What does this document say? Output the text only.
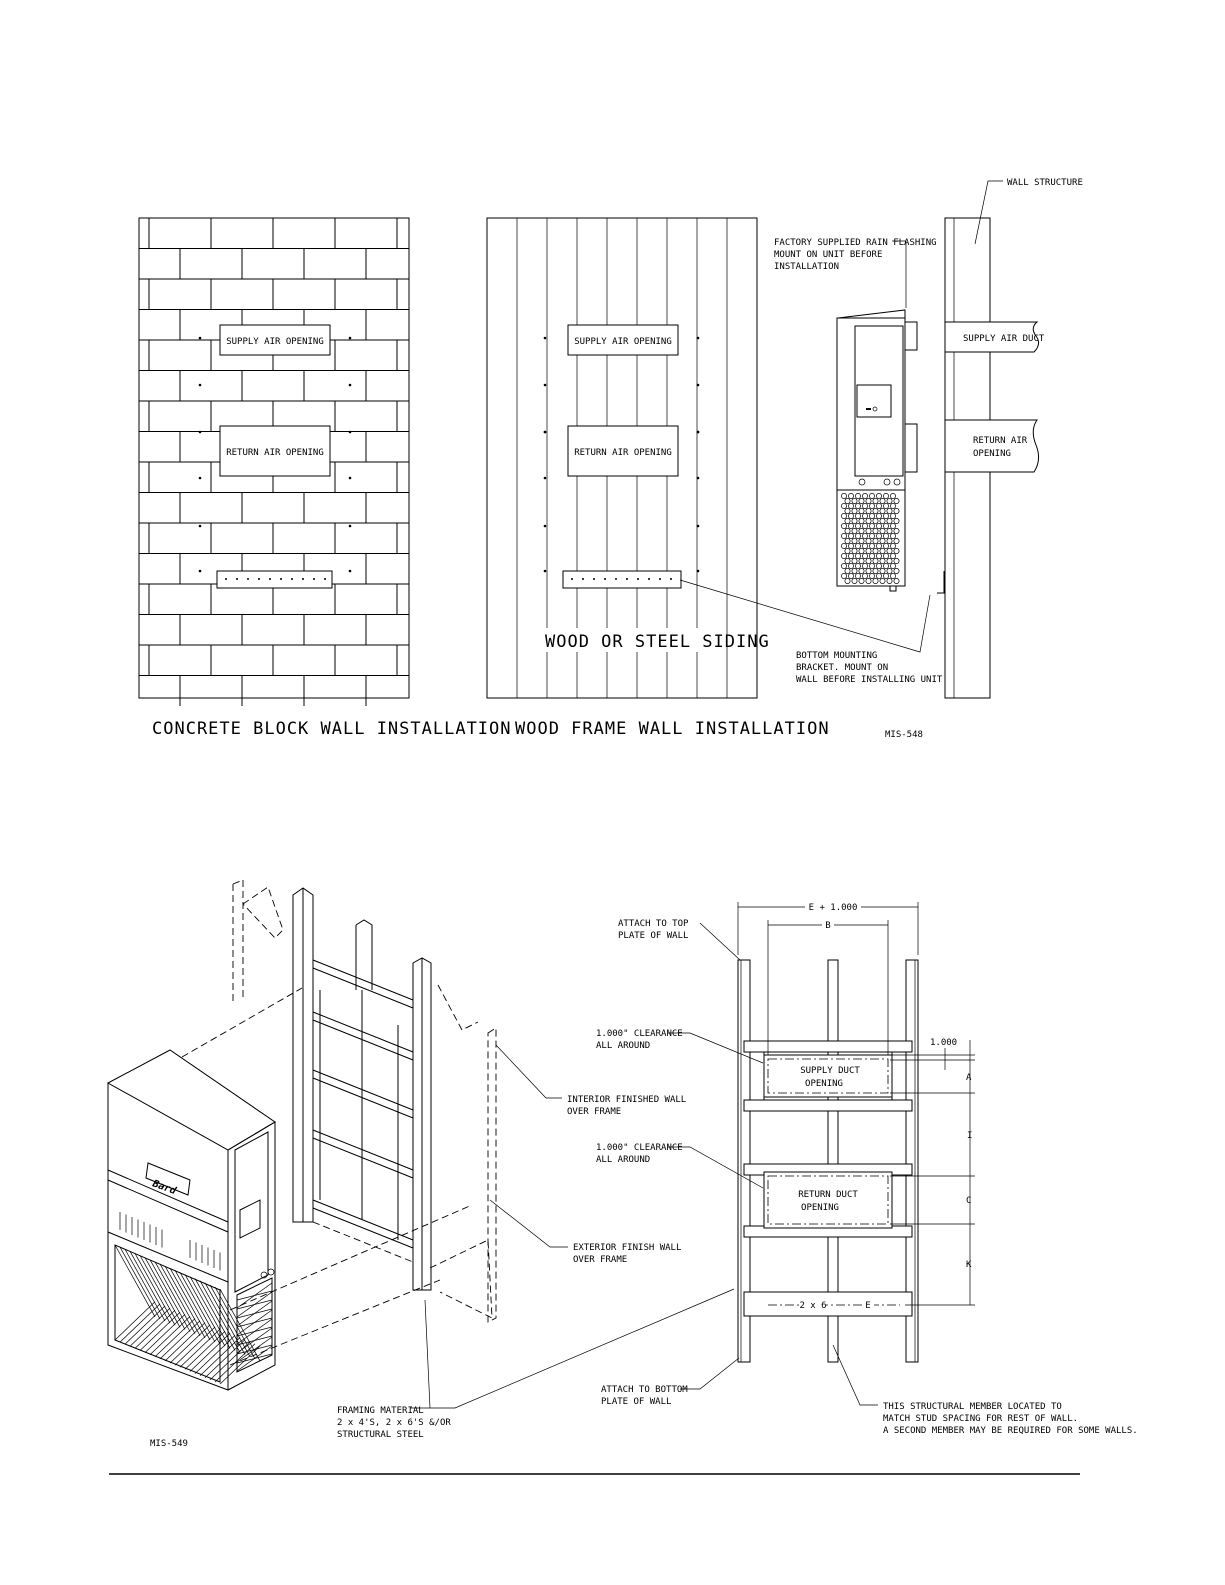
SUPPLY AIR OPENING
RETURN AIR OPENING
CONCRETE BLOCK WALL INSTALLATION
SUPPLY AIR OPENING
RETURN AIR OPENING
WOOD OR STEEL SIDING
WOOD FRAME WALL INSTALLATION
SUPPLY AIR DUCT
RETURN AIR
OPENING
WALL STRUCTURE
FACTORY SUPPLIED RAIN FLASHING
MOUNT ON UNIT BEFORE
INSTALLATION
BOTTOM MOUNTING
BRACKET. MOUNT ON
WALL BEFORE INSTALLING UNIT
MIS-548
Bard
INTERIOR FINISHED WALL
OVER FRAME
EXTERIOR FINISH WALL
OVER FRAME
FRAMING MATERIAL
2 x 4'S, 2 x 6'S &/OR
STRUCTURAL STEEL
MIS-549
SUPPLY DUCT
OPENING
RETURN DUCT
OPENING
2 x 6	E
E + 1.000
B
1.000
A
I
C
K
ATTACH TO TOP
PLATE OF WALL
1.000" CLEARANCE
ALL AROUND
1.000" CLEARANCE
ALL AROUND
ATTACH TO BOTTOM
PLATE OF WALL	THIS STRUCTURAL MEMBER LOCATED TO
MATCH STUD SPACING FOR REST OF WALL.
A SECOND MEMBER MAY BE REQUIRED FOR SOME WALLS.
